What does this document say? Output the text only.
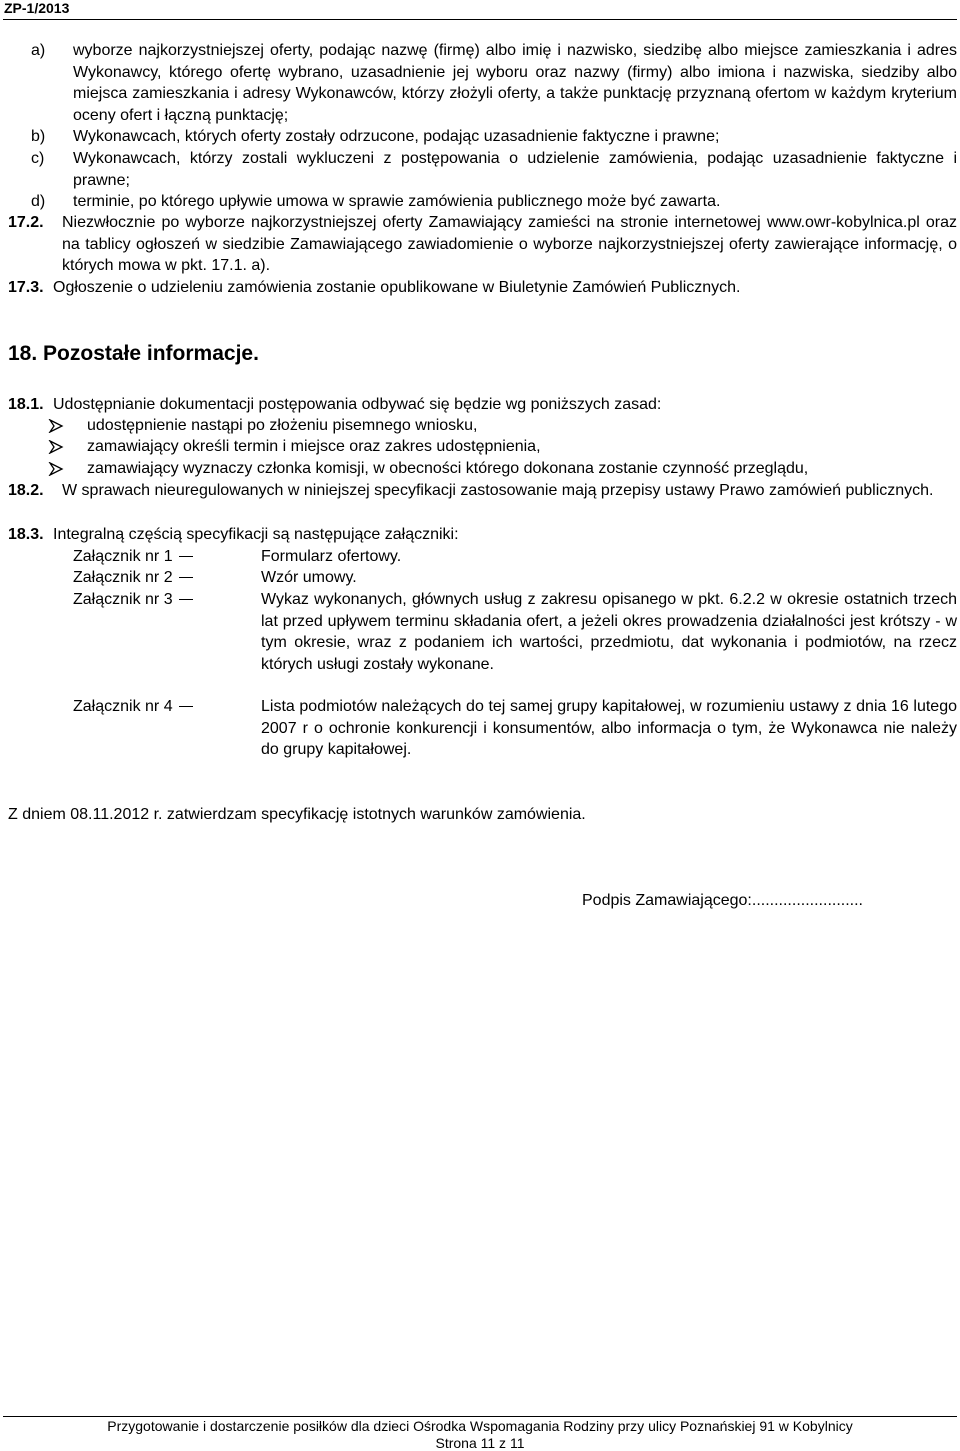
ZP-1/2013
a) wyborze najkorzystniejszej oferty, podając nazwę (firmę) albo imię i nazwisko, siedzibę albo miejsce zamieszkania i adres Wykonawcy, którego ofertę wybrano, uzasadnienie jej wyboru oraz nazwy (firmy) albo imiona i nazwiska, siedziby albo miejsca zamieszkania i adresy Wykonawców, którzy złożyli oferty, a także punktację przyznaną ofertom w każdym kryterium oceny ofert i łączną punktację;
b) Wykonawcach, których oferty zostały odrzucone, podając uzasadnienie faktyczne i prawne;
c) Wykonawcach, którzy zostali wykluczeni z postępowania o udzielenie zamówienia, podając uzasadnienie faktyczne i prawne;
d) terminie, po którego upływie umowa w sprawie zamówienia publicznego może być zawarta.
17.2. Niezwłocznie po wyborze najkorzystniejszej oferty Zamawiający zamieści na stronie internetowej www.owr-kobylnica.pl oraz na tablicy ogłoszeń w siedzibie Zamawiającego zawiadomienie o wyborze najkorzystniejszej oferty zawierające informację, o których mowa w pkt. 17.1. a).
17.3. Ogłoszenie o udzieleniu zamówienia zostanie opublikowane w Biuletynie Zamówień Publicznych.
18. Pozostałe informacje.
18.1. Udostępnianie dokumentacji postępowania odbywać się będzie wg poniższych zasad:
udostępnienie nastąpi po złożeniu pisemnego wniosku,
zamawiający określi termin i miejsce oraz zakres udostępnienia,
zamawiający wyznaczy członka komisji, w obecności którego dokonana zostanie czynność przeglądu,
18.2. W sprawach nieuregulowanych w niniejszej specyfikacji zastosowanie mają przepisy ustawy Prawo zamówień publicznych.
18.3. Integralną częścią specyfikacji są następujące załączniki:
Załącznik nr 1	Formularz ofertowy.
Załącznik nr 2	Wzór umowy.
Załącznik nr 3	Wykaz wykonanych, głównych usług z zakresu opisanego w pkt. 6.2.2 w okresie ostatnich trzech lat przed upływem terminu składania ofert, a jeżeli okres prowadzenia działalności jest krótszy - w tym okresie, wraz z podaniem ich wartości, przedmiotu, dat wykonania i podmiotów, na rzecz których usługi zostały wykonane.
Załącznik nr 4	Lista podmiotów należących do tej samej grupy kapitałowej, w rozumieniu ustawy z dnia 16 lutego 2007 r o ochronie konkurencji i konsumentów, albo informacja o tym, że Wykonawca nie należy do grupy kapitałowej.
Z dniem 08.11.2012 r. zatwierdzam specyfikację istotnych warunków zamówienia.
Podpis Zamawiającego:.........................
Przygotowanie i dostarczenie posiłków dla dzieci Ośrodka Wspomagania Rodziny przy ulicy Poznańskiej 91 w Kobylnicy
Strona 11 z 11
